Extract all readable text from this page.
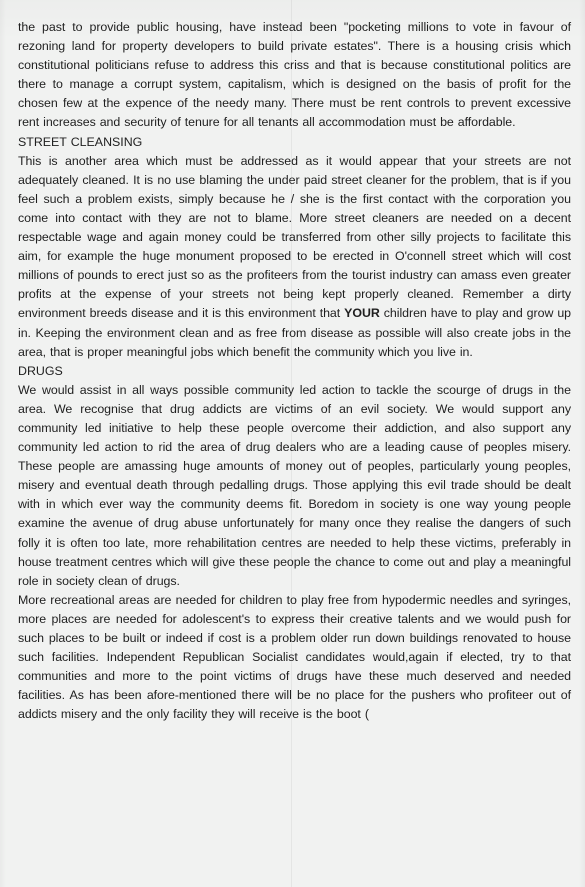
the past to provide public housing, have instead been "pocketing millions to vote in favour of rezoning land for property developers to build private estates". There is a housing crisis which constitutional politicians refuse to address this criss and that is because constitutional politics are there to manage a corrupt system, capitalism, which is designed on the basis of profit for the chosen few at the expence of the needy many. There must be rent controls to prevent excessive rent increases and security of tenure for all tenants all accommodation must be affordable.

STREET CLEANSING

This is another area which must be addressed as it would appear that your streets are not adequately cleaned. It is no use blaming the under paid street cleaner for the problem, that is if you feel such a problem exists, simply because he / she is the first contact with the corporation you come into contact with they are not to blame. More street cleaners are needed on a decent respectable wage and again money could be transferred from other silly projects to facilitate this aim, for example the huge monument proposed to be erected in O'connell street which will cost millions of pounds to erect just so as the profiteers from the tourist industry can amass even greater profits at the expense of your streets not being kept properly cleaned. Remember a dirty environment breeds disease and it is this environment that YOUR children have to play and grow up in. Keeping the environment clean and as free from disease as possible will also create jobs in the area, that is proper meaningful jobs which benefit the community which you live in.

DRUGS

We would assist in all ways possible community led action to tackle the scourge of drugs in the area. We recognise that drug addicts are victims of an evil society. We would support any community led initiative to help these people overcome their addiction, and also support any community led action to rid the area of drug dealers who are a leading cause of peoples misery. These people are amassing huge amounts of money out of peoples, particularly young peoples, misery and eventual death through pedalling drugs. Those applying this evil trade should be dealt with in which ever way the community deems fit. Boredom in society is one way young people examine the avenue of drug abuse unfortunately for many once they realise the dangers of such folly it is often too late, more rehabilitation centres are needed to help these victims, preferably in house treatment centres which will give these people the chance to come out and play a meaningful role in society clean of drugs.

More recreational areas are needed for children to play free from hypodermic needles and syringes, more places are needed for adolescent's to express their creative talents and we would push for such places to be built or indeed if cost is a problem older run down buildings renovated to house such facilities. Independent Republican Socialist candidates would,again if elected, try to that communities and more to the point victims of drugs have these much deserved and needed facilities. As has been afore-mentioned there will be no place for the pushers who profiteer out of addicts misery and the only facility they will receive is the boot (
